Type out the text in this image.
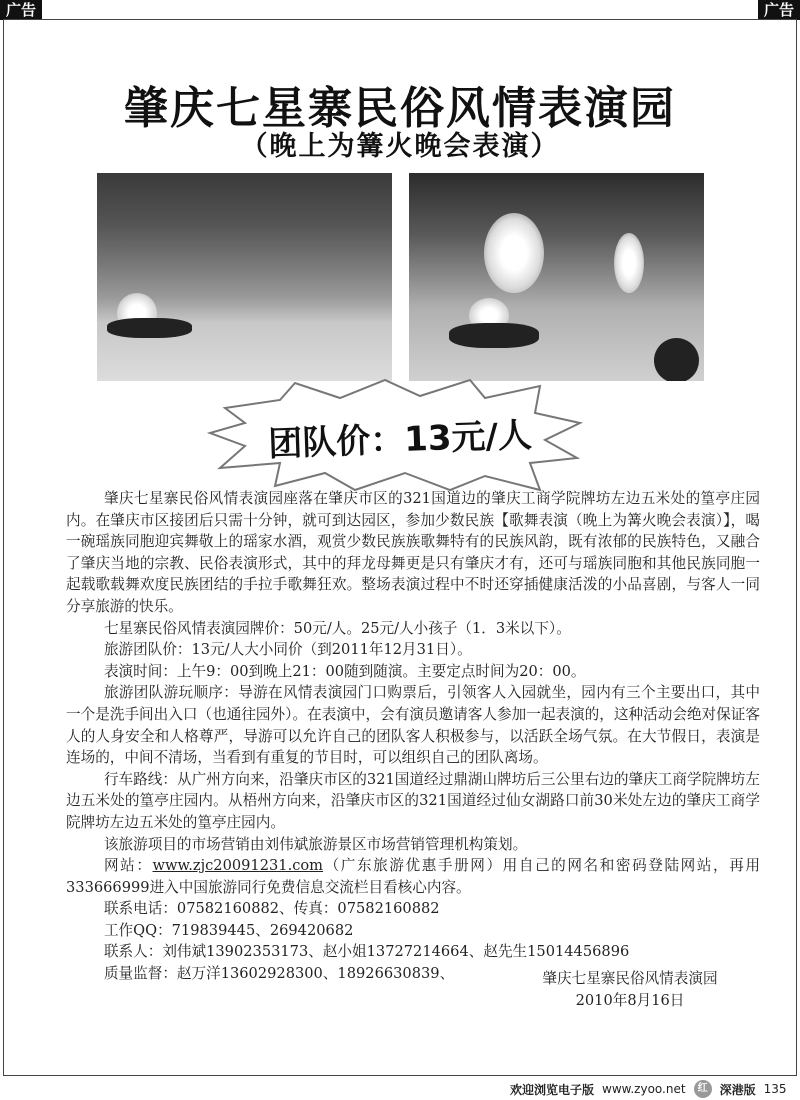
广告	广告
肇庆七星寨民俗风情表演园
（晚上为篝火晚会表演）
团队价：13元/人

肇庆七星寨民俗风情表演园座落在肇庆市区的321国道边的肇庆工商学院牌坊左边五米处的篁亭庄园内。在肇庆市区接团后只需十分钟，就可到达园区，参加少数民族【歌舞表演（晚上为篝火晚会表演）】，喝一碗瑶族同胞迎宾舞敬上的瑶家水酒，观赏少数民族族歌舞特有的民族风韵，既有浓郁的民族特色，又融合了肇庆当地的宗教、民俗表演形式，其中的拜龙母舞更是只有肇庆才有，还可与瑶族同胞和其他民族同胞一起载歌载舞欢度民族团结的手拉手歌舞狂欢。整场表演过程中不时还穿插健康活泼的小品喜剧，与客人一同分享旅游的快乐。

七星寨民俗风情表演园牌价：50元/人。25元/人小孩子（1．3米以下）。

旅游团队价：13元/人大小同价（到2011年12月31日）。

表演时间：上午9：00到晚上21：00随到随演。主要定点时间为20：00。

旅游团队游玩顺序：导游在风情表演园门口购票后，引领客人入园就坐，园内有三个主要出口，其中一个是洗手间出入口（也通往园外）。在表演中，会有演员邀请客人参加一起表演的，这种活动会绝对保证客人的人身安全和人格尊严，导游可以允许自己的团队客人积极参与，以活跃全场气氛。在大节假日，表演是连场的，中间不清场，当看到有重复的节目时，可以组织自己的团队离场。

行车路线：从广州方向来，沿肇庆市区的321国道经过鼎湖山牌坊后三公里右边的肇庆工商学院牌坊左边五米处的篁亭庄园内。从梧州方向来，沿肇庆市区的321国道经过仙女湖路口前30米处左边的肇庆工商学院牌坊左边五米处的篁亭庄园内。

该旅游项目的市场营销由刘伟斌旅游景区市场营销管理机构策划。

网站：www.zjc20091231.com（广东旅游优惠手册网）用自己的网名和密码登陆网站，再用333666999进入中国旅游同行免费信息交流栏目看核心内容。

联系电话：07582160882、传真：07582160882

工作QQ：719839445、269420682

联系人：刘伟斌13902353173、赵小姐13727214664、赵先生15014456896

质量监督：赵万洋13602928300、18926630839、	肇庆七星寨民俗风情表演园
2010年8月16日
欢迎浏览电子版 www.zyoo.net	红	深港版 135
